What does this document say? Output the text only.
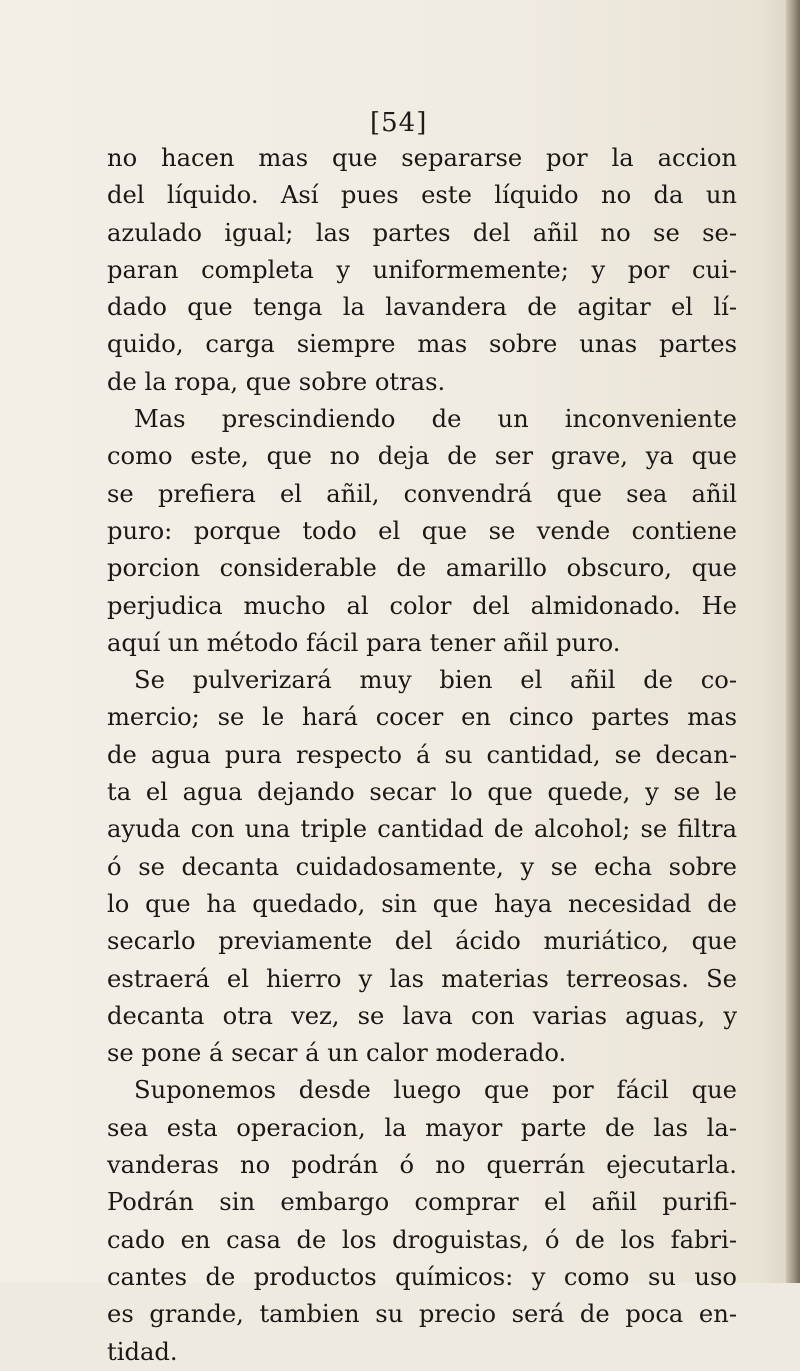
[54]
no hacen mas que separarse por la accion
del líquido. Así pues este líquido no da un
azulado igual; las partes del añil no se se-
paran completa y uniformemente; y por cui-
dado que tenga la lavandera de agitar el lí-
quido, carga siempre mas sobre unas partes
de la ropa, que sobre otras.
Mas prescindiendo de un inconveniente
como este, que no deja de ser grave, ya que
se prefiera el añil, convendrá que sea añil
puro: porque todo el que se vende contiene
porcion considerable de amarillo obscuro, que
perjudica mucho al color del almidonado. He
aquí un método fácil para tener añil puro.
Se pulverizará muy bien el añil de co-
mercio; se le hará cocer en cinco partes mas
de agua pura respecto á su cantidad, se decan-
ta el agua dejando secar lo que quede, y se le
ayuda con una triple cantidad de alcohol; se filtra
ó se decanta cuidadosamente, y se echa sobre
lo que ha quedado, sin que haya necesidad de
secarlo previamente del ácido muriático, que
estraerá el hierro y las materias terreosas. Se
decanta otra vez, se lava con varias aguas, y
se pone á secar á un calor moderado.
Suponemos desde luego que por fácil que
sea esta operacion, la mayor parte de las la-
vanderas no podrán ó no querrán ejecutarla.
Podrán sin embargo comprar el añil purifi-
cado en casa de los droguistas, ó de los fabri-
cantes de productos químicos: y como su uso
es grande, tambien su precio será de poca en-
tidad.
